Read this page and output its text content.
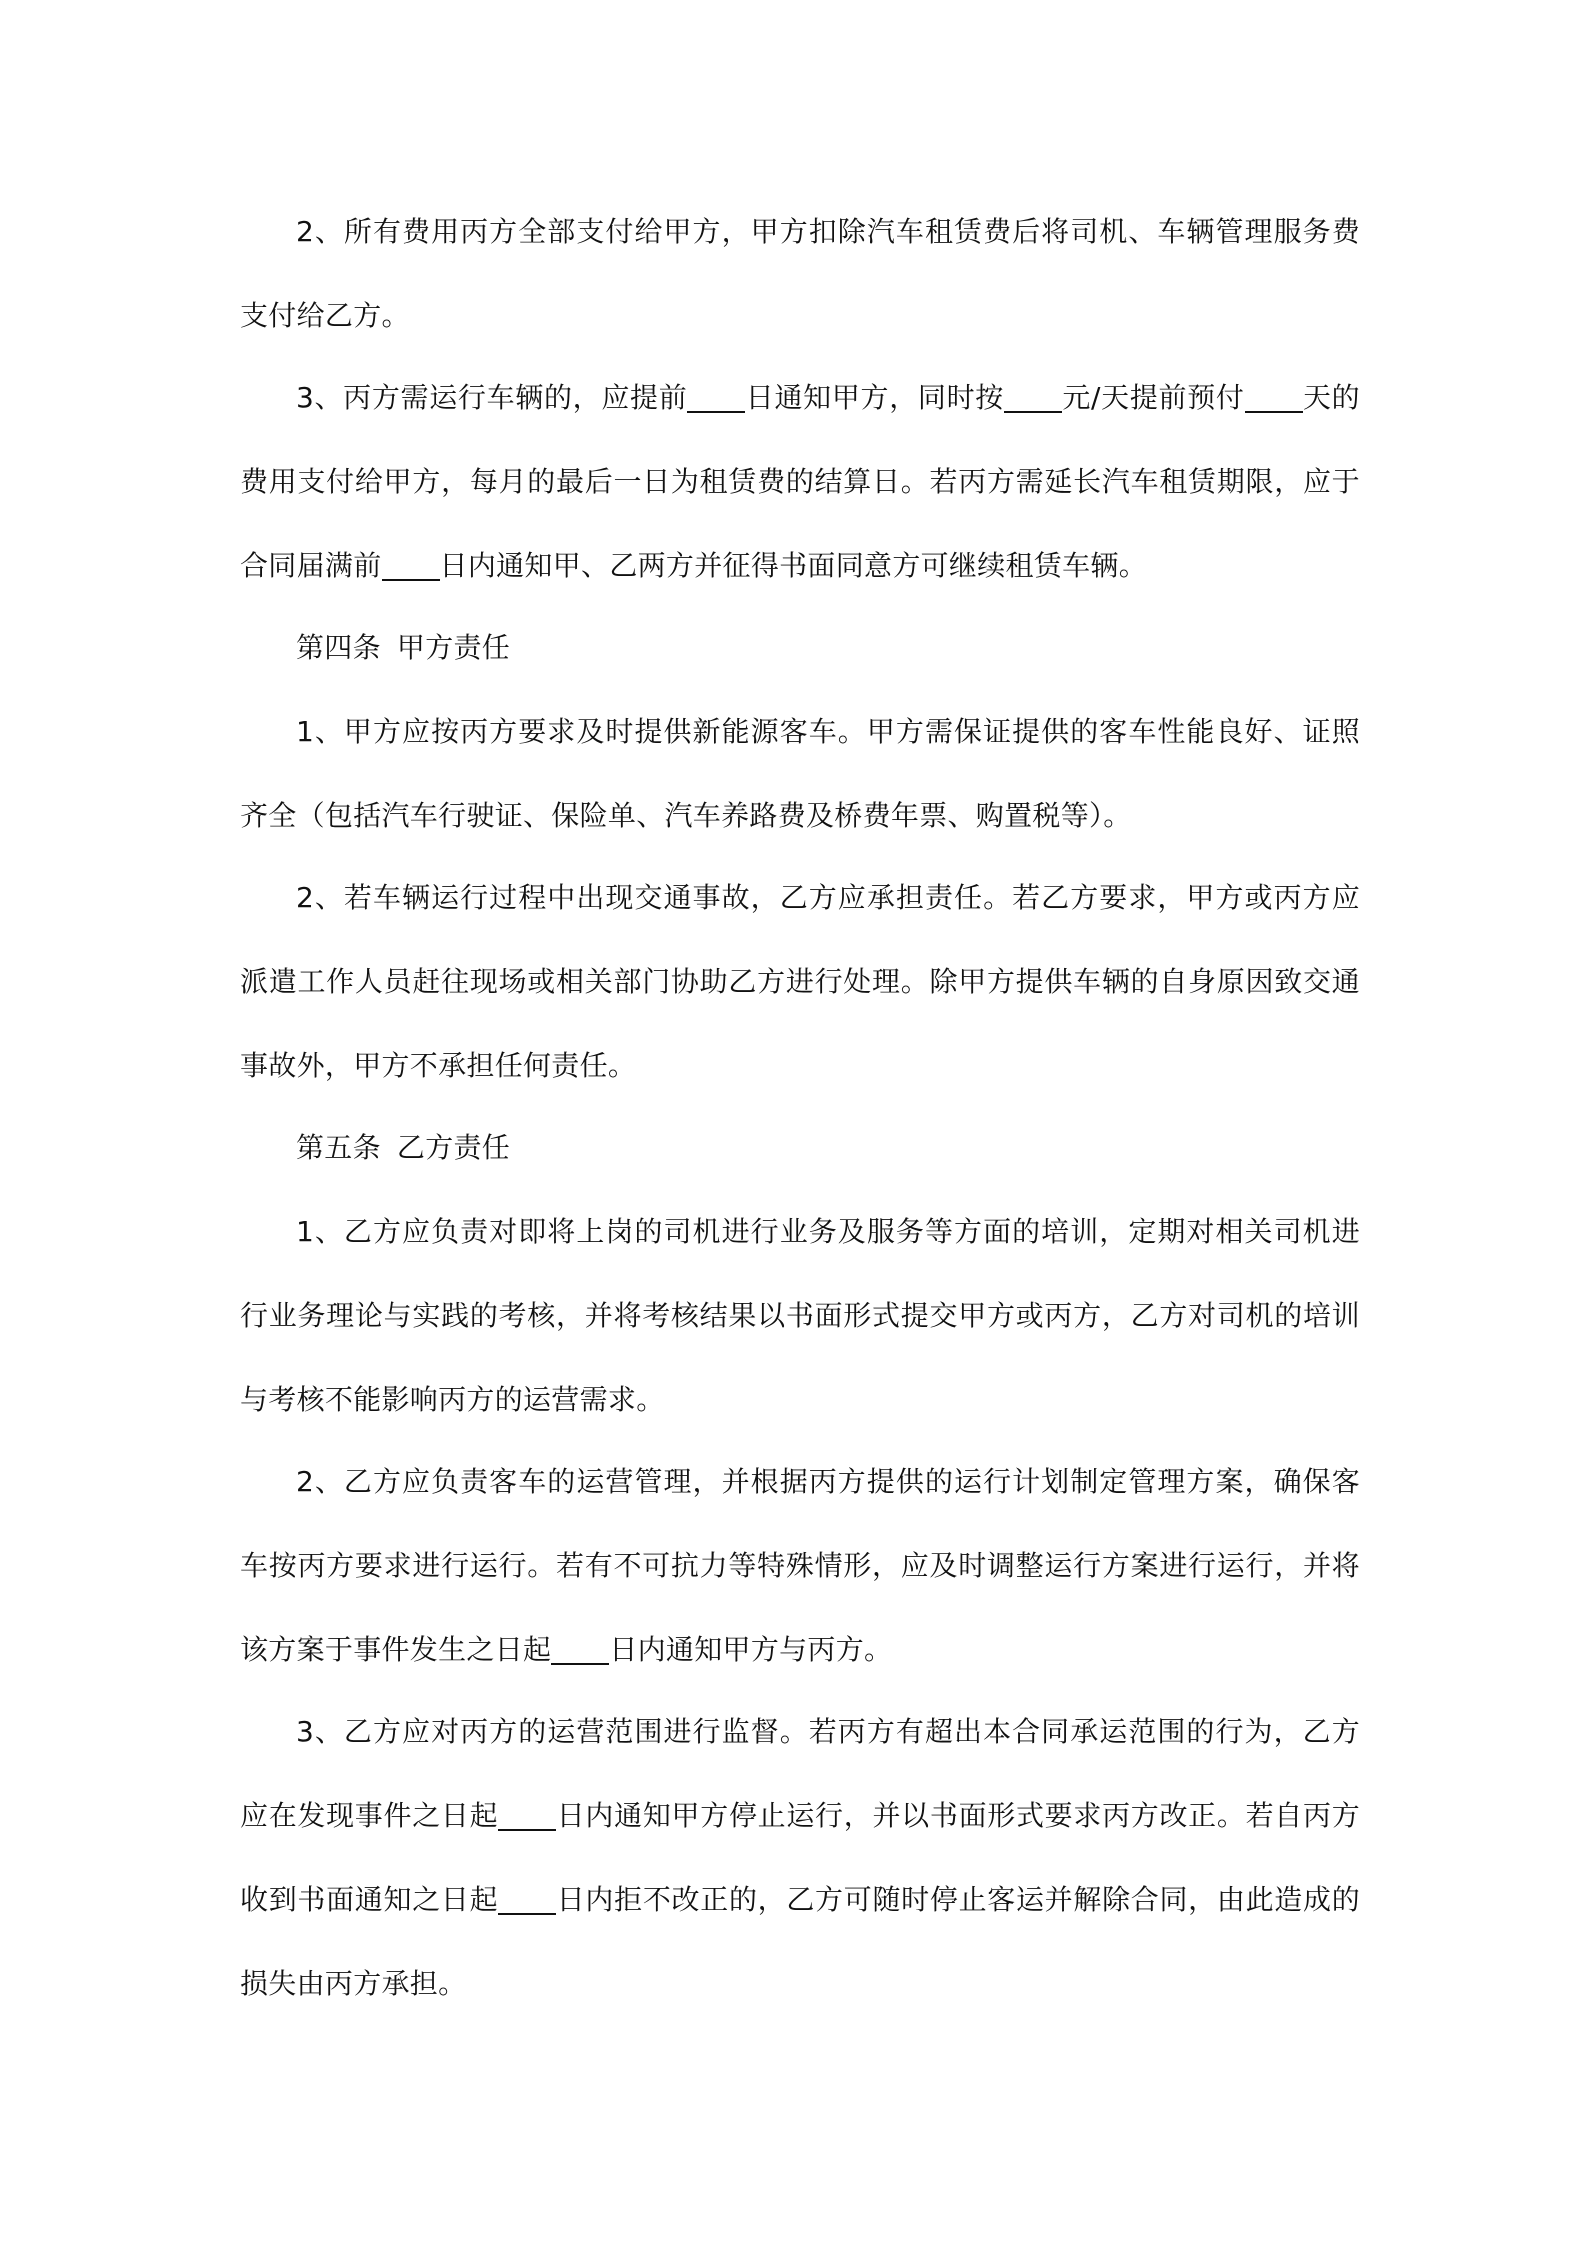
2、所有费用丙方全部支付给甲方，甲方扣除汽车租赁费后将司机、车辆管理服务费支付给乙方。

3、丙方需运行车辆的，应提前 日通知甲方，同时按 元/天提前预付 天的费用支付给甲方，每月的最后一日为租赁费的结算日。若丙方需延长汽车租赁期限，应于合同届满前 日内通知甲、乙两方并征得书面同意方可继续租赁车辆。

第四条 甲方责任

1、甲方应按丙方要求及时提供新能源客车。甲方需保证提供的客车性能良好、证照齐全（包括汽车行驶证、保险单、汽车养路费及桥费年票、购置税等）。

2、若车辆运行过程中出现交通事故，乙方应承担责任。若乙方要求，甲方或丙方应派遣工作人员赶往现场或相关部门协助乙方进行处理。除甲方提供车辆的自身原因致交通事故外，甲方不承担任何责任。

第五条 乙方责任

1、乙方应负责对即将上岗的司机进行业务及服务等方面的培训，定期对相关司机进行业务理论与实践的考核，并将考核结果以书面形式提交甲方或丙方，乙方对司机的培训与考核不能影响丙方的运营需求。

2、乙方应负责客车的运营管理，并根据丙方提供的运行计划制定管理方案，确保客车按丙方要求进行运行。若有不可抗力等特殊情形，应及时调整运行方案进行运行，并将该方案于事件发生之日起 日内通知甲方与丙方。

3、乙方应对丙方的运营范围进行监督。若丙方有超出本合同承运范围的行为，乙方应在发现事件之日起 日内通知甲方停止运行，并以书面形式要求丙方改正。若自丙方收到书面通知之日起 日内拒不改正的，乙方可随时停止客运并解除合同，由此造成的损失由丙方承担。
